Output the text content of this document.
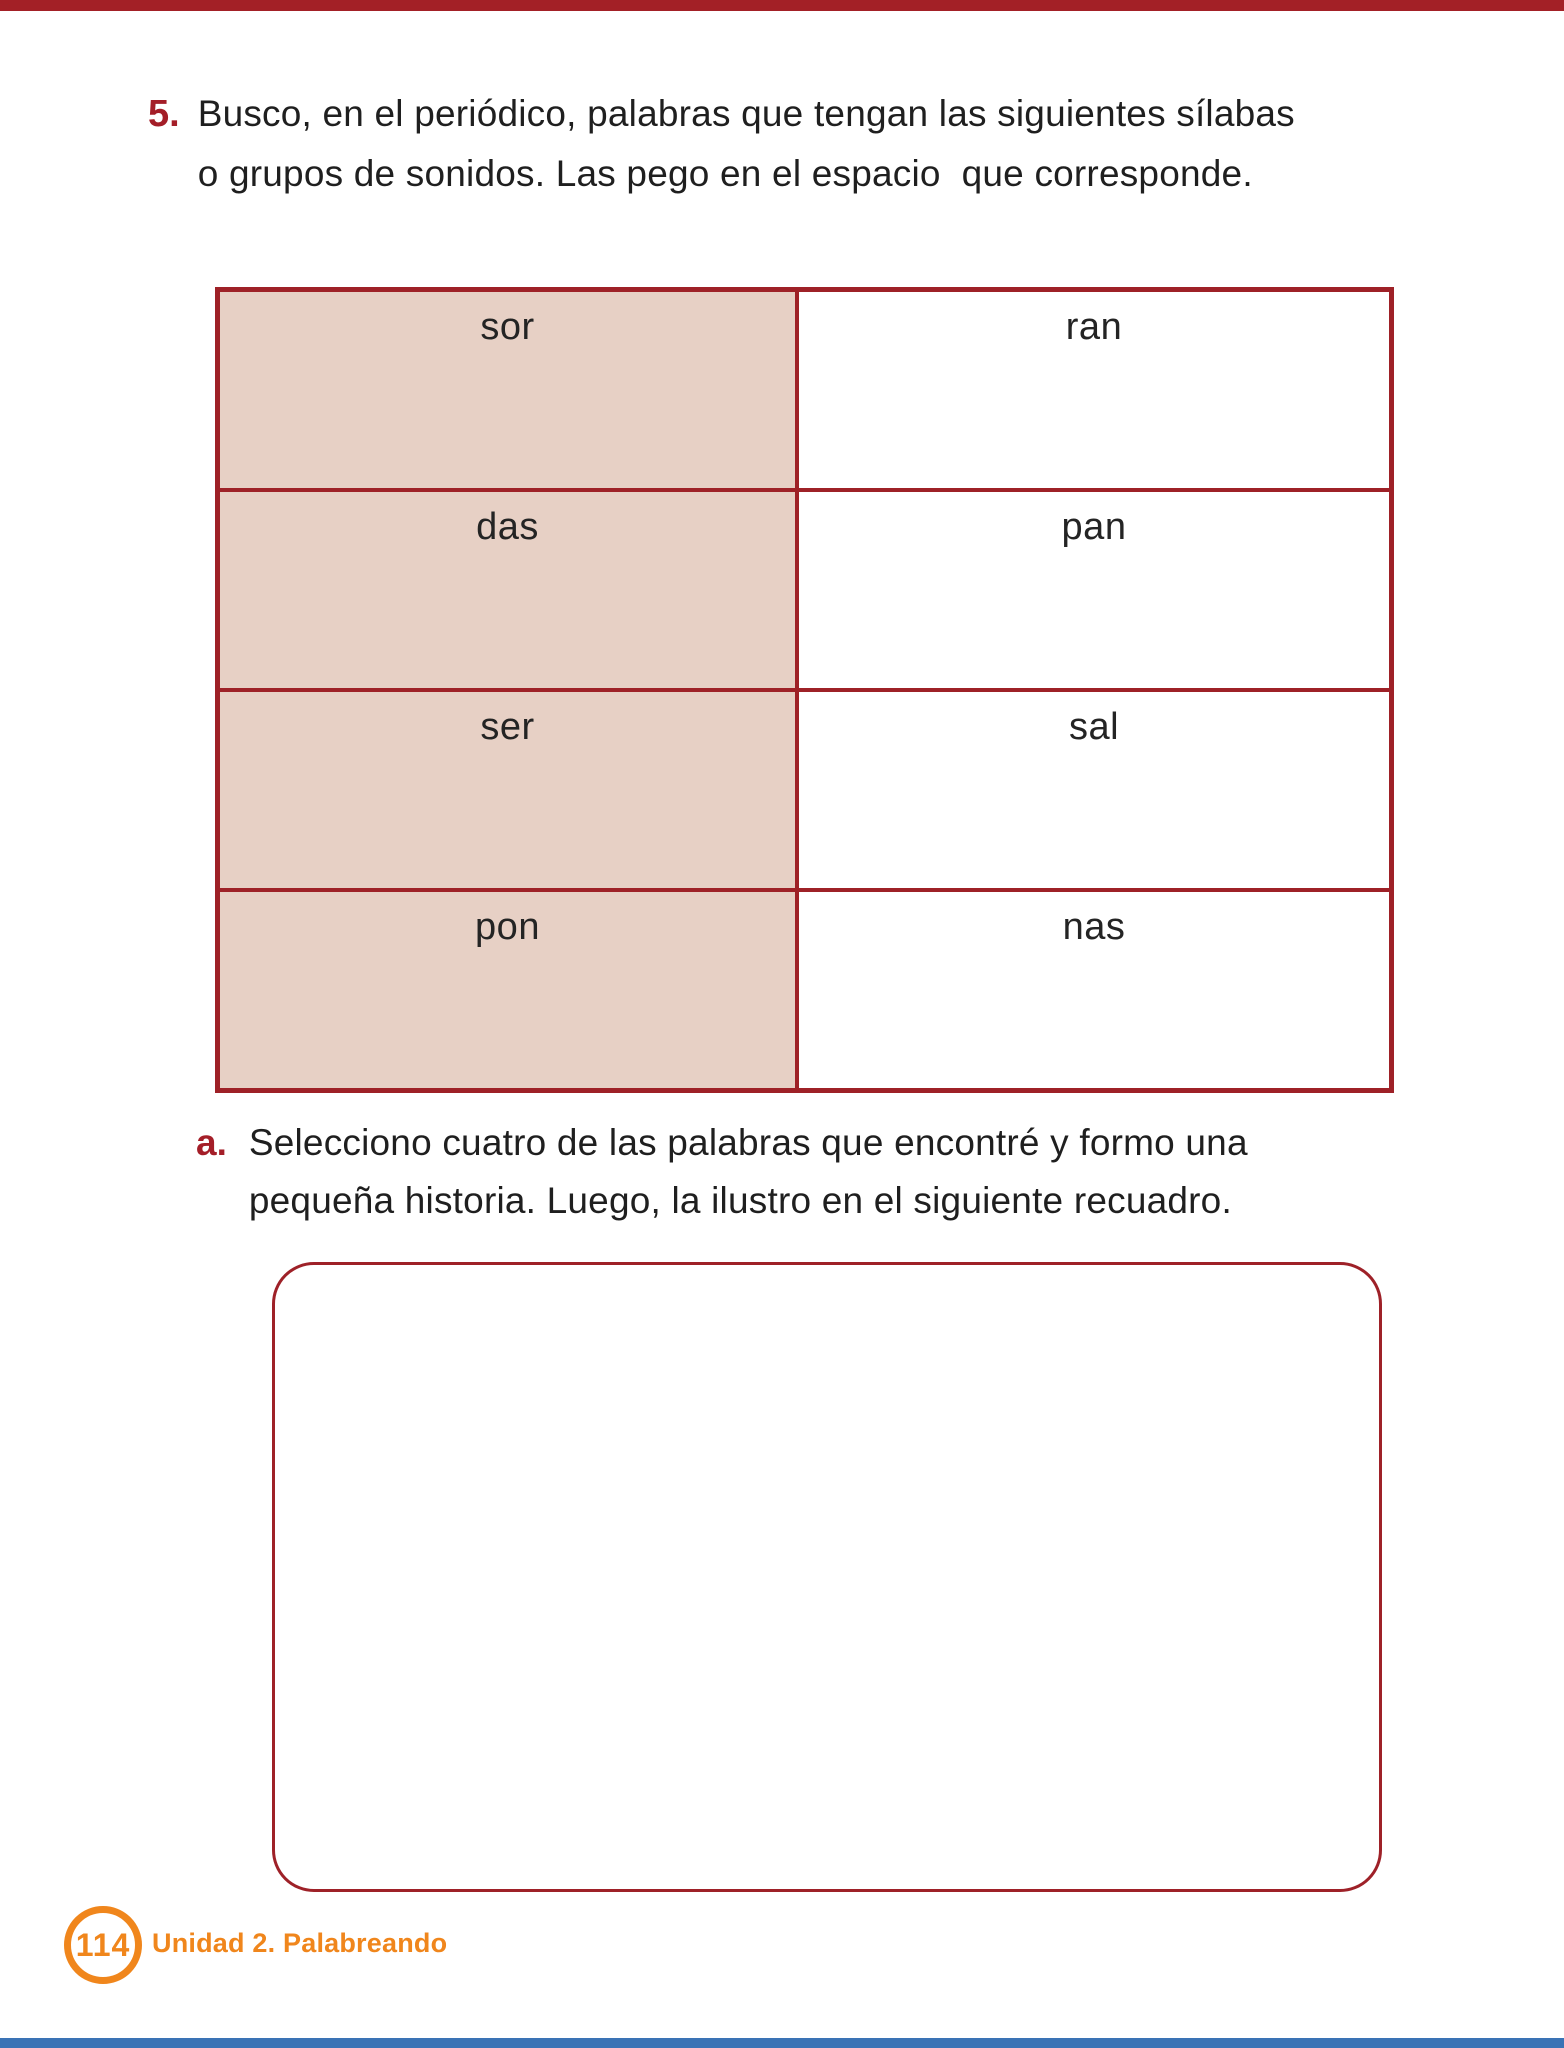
5. Busco, en el periódico, palabras que tengan las siguientes sílabas
o grupos de sonidos. Las pego en el espacio  que corresponde.
sor	ran
das	pan
ser	sal
pon	nas
a. Selecciono cuatro de las palabras que encontré y formo una
pequeña historia. Luego, la ilustro en el siguiente recuadro.
114 Unidad 2. Palabreando
